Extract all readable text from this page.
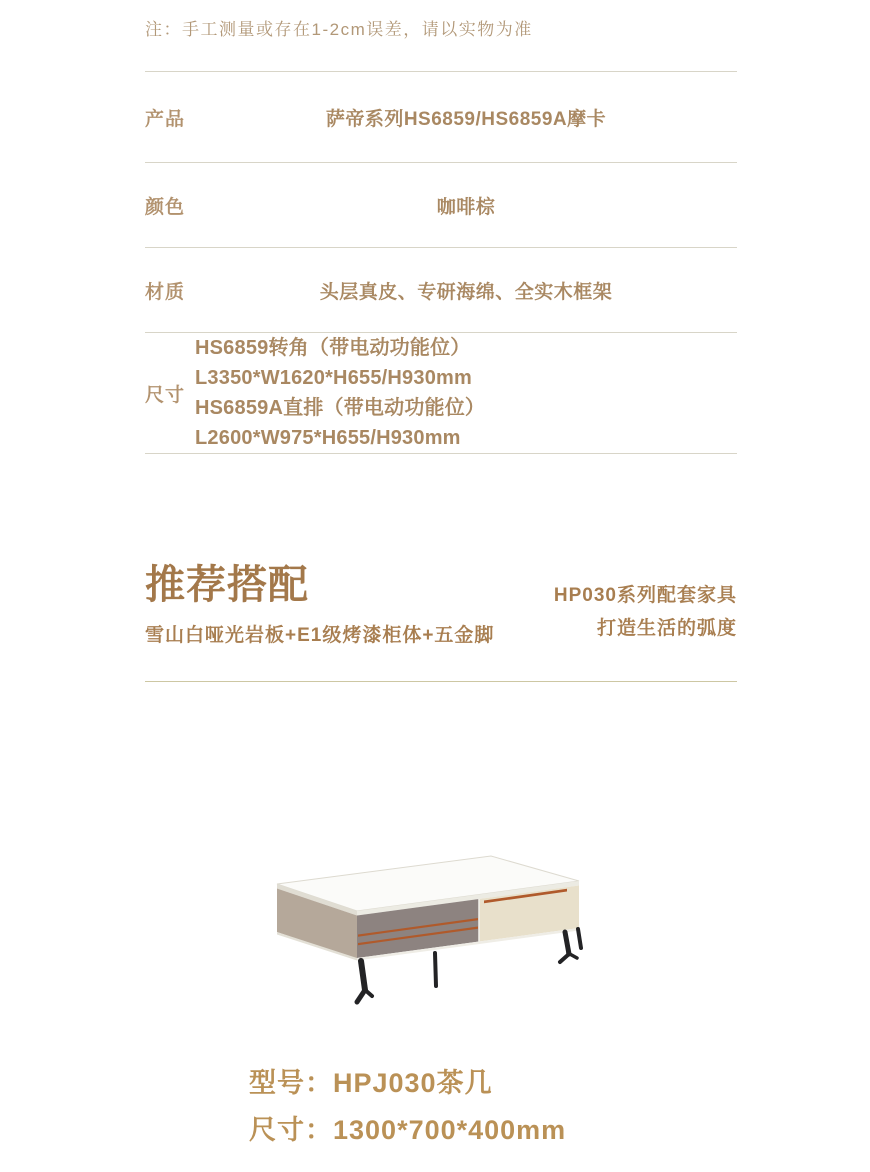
注：手工测量或存在1-2cm误差，请以实物为准
产品	萨帝系列HS6859/HS6859A摩卡
颜色	咖啡棕
材质	头层真皮、专研海绵、全实木框架
尺寸
HS6859转角（带电动功能位）L3350*W1620*H655/H930mm
HS6859A直排（带电动功能位）L2600*W975*H655/H930mm
推荐搭配
雪山白哑光岩板+E1级烤漆柜体+五金脚
HP030系列配套家具
打造生活的弧度
型号：HPJ030茶几
尺寸：1300*700*400mm
